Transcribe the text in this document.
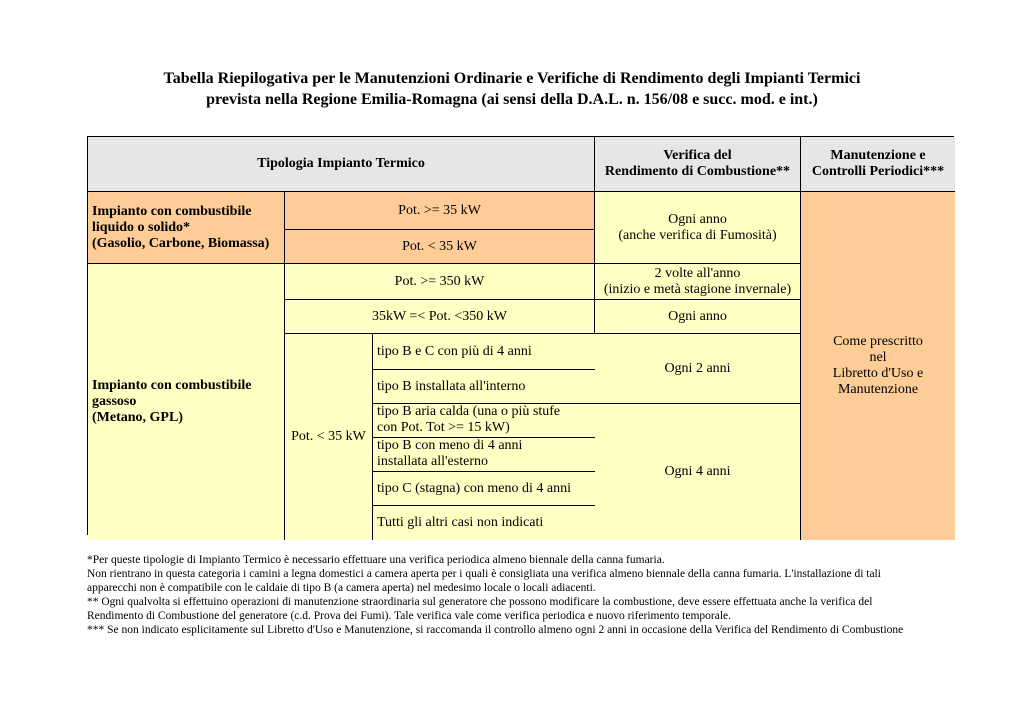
Tabella Riepilogativa per le Manutenzioni Ordinarie e Verifiche di Rendimento degli Impianti Termici
prevista nella Regione Emilia-Romagna (ai sensi della D.A.L. n. 156/08 e succ. mod. e int.)
Tipologia Impianto Termico
Verifica del
Rendimento di Combustione**
Manutenzione e
Controlli Periodici***
Impianto con combustibile
liquido o solido*
(Gasolio, Carbone, Biomassa)
Pot. >= 35 kW
Pot. < 35 kW
Ogni anno
(anche verifica di Fumosità)
Come prescritto
nel
Libretto d'Uso e
Manutenzione
Impianto con combustibile
gassoso
(Metano, GPL)
Pot. >= 350 kW
2 volte all'anno
(inizio e metà stagione invernale)
35kW =< Pot. <350 kW	Ogni anno
Pot. < 35 kW
tipo B e C con più di 4 anni
tipo B installata all'interno
tipo B aria calda (una o più stufe
con Pot. Tot >= 15 kW)
tipo B con meno di 4 anni
installata all'esterno
tipo C (stagna) con meno di 4 anni
Tutti gli altri casi non indicati
Ogni 2 anni
Ogni 4 anni
*Per queste tipologie di Impianto Termico è necessario effettuare una verifica periodica almeno biennale della canna fumaria.
Non rientrano in questa categoria i camini a legna domestici a camera aperta per i quali è consigliata una verifica almeno biennale della canna fumaria. L'installazione di tali
apparecchi non è compatibile con le caldaie di tipo B (a camera aperta) nel medesimo locale o locali adiacenti.
** Ogni qualvolta si effettuino operazioni di manutenzione straordinaria sul generatore che possono modificare la combustione, deve essere effettuata anche la verifica del
Rendimento di Combustione del generatore (c.d. Prova dei Fumi). Tale verifica vale come verifica periodica e nuovo riferimento temporale.
*** Se non indicato esplicitamente sul Libretto d'Uso e Manutenzione, si raccomanda il controllo almeno ogni 2 anni in occasione della Verifica del Rendimento di Combustione
